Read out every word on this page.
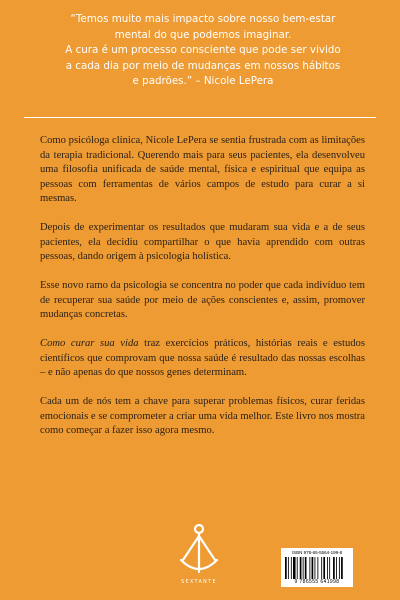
“Temos muito mais impacto sobre nosso bem-estar
mental do que podemos imaginar.
A cura é um processo consciente que pode ser vivido
a cada dia por meio de mudanças em nossos hábitos
e padrões.” – Nicole LePera

Como psicóloga clínica, Nicole LePera se sentia frustrada com as limitações da terapia tradicional. Querendo mais para seus pacientes, ela desenvolveu uma filosofia unificada de saúde mental, física e espiritual que equipa as pessoas com ferramentas de vários campos de estudo para curar a si mesmas.

Depois de experimentar os resultados que mudaram sua vida e a de seus pacientes, ela decidiu compartilhar o que havia aprendido com outras pessoas, dando origem à psicologia holística.

Esse novo ramo da psicologia se concentra no poder que cada indivíduo tem de recuperar sua saúde por meio de ações conscientes e, assim, promover mudanças concretas.

Como curar sua vida traz exercícios práticos, histórias reais e estudos científicos que comprovam que nossa saúde é resultado das nossas escolhas – e não apenas do que nossos genes determinam.

Cada um de nós tem a chave para superar problemas físicos, curar feridas emocionais e se comprometer a criar uma vida melhor. Este livro nos mostra como começar a fazer isso agora mesmo.

SEXTANTE
ISBN 978-65-5564-199-8
9 786555 641998
